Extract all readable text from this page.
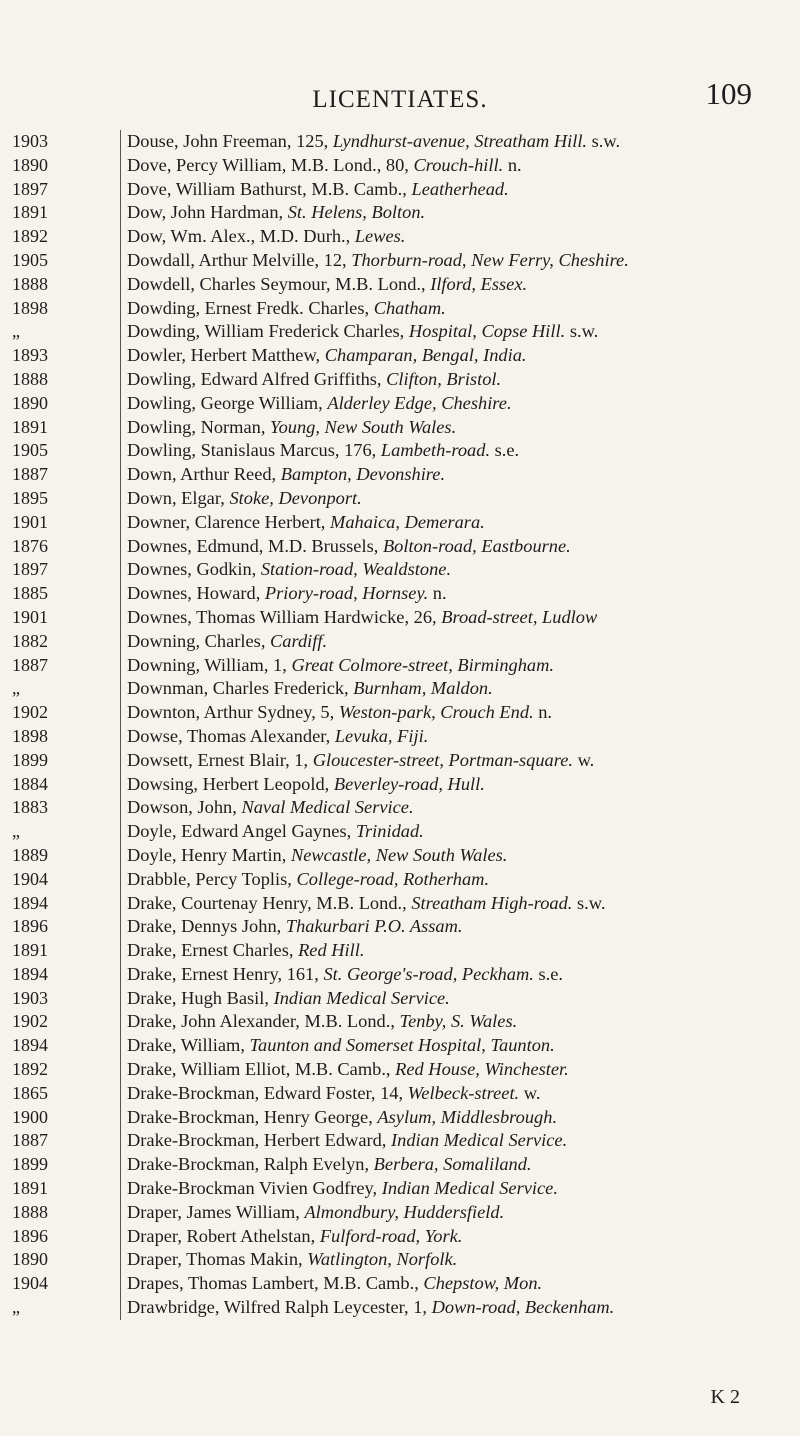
LICENTIATES.	109
1903	Douse, John Freeman, 125, Lyndhurst-avenue, Streatham Hill. s.w.
1890	Dove, Percy William, M.B. Lond., 80, Crouch-hill. n.
1897	Dove, William Bathurst, M.B. Camb., Leatherhead.
1891	Dow, John Hardman, St. Helens, Bolton.
1892	Dow, Wm. Alex., M.D. Durh., Lewes.
1905	Dowdall, Arthur Melville, 12, Thorburn-road, New Ferry, Cheshire.
1888	Dowdell, Charles Seymour, M.B. Lond., Ilford, Essex.
1898	Dowding, Ernest Fredk. Charles, Chatham.
„	Dowding, William Frederick Charles, Hospital, Copse Hill. s.w.
1893	Dowler, Herbert Matthew, Champaran, Bengal, India.
1888	Dowling, Edward Alfred Griffiths, Clifton, Bristol.
1890	Dowling, George William, Alderley Edge, Cheshire.
1891	Dowling, Norman, Young, New South Wales.
1905	Dowling, Stanislaus Marcus, 176, Lambeth-road. s.e.
1887	Down, Arthur Reed, Bampton, Devonshire.
1895	Down, Elgar, Stoke, Devonport.
1901	Downer, Clarence Herbert, Mahaica, Demerara.
1876	Downes, Edmund, M.D. Brussels, Bolton-road, Eastbourne.
1897	Downes, Godkin, Station-road, Wealdstone.
1885	Downes, Howard, Priory-road, Hornsey. n.
1901	Downes, Thomas William Hardwicke, 26, Broad-street, Ludlow
1882	Downing, Charles, Cardiff.
1887	Downing, William, 1, Great Colmore-street, Birmingham.
„	Downman, Charles Frederick, Burnham, Maldon.
1902	Downton, Arthur Sydney, 5, Weston-park, Crouch End. n.
1898	Dowse, Thomas Alexander, Levuka, Fiji.
1899	Dowsett, Ernest Blair, 1, Gloucester-street, Portman-square. w.
1884	Dowsing, Herbert Leopold, Beverley-road, Hull.
1883	Dowson, John, Naval Medical Service.
„	Doyle, Edward Angel Gaynes, Trinidad.
1889	Doyle, Henry Martin, Newcastle, New South Wales.
1904	Drabble, Percy Toplis, College-road, Rotherham.
1894	Drake, Courtenay Henry, M.B. Lond., Streatham High-road. s.w.
1896	Drake, Dennys John, Thakurbari P.O. Assam.
1891	Drake, Ernest Charles, Red Hill.
1894	Drake, Ernest Henry, 161, St. George's-road, Peckham. s.e.
1903	Drake, Hugh Basil, Indian Medical Service.
1902	Drake, John Alexander, M.B. Lond., Tenby, S. Wales.
1894	Drake, William, Taunton and Somerset Hospital, Taunton.
1892	Drake, William Elliot, M.B. Camb., Red House, Winchester.
1865	Drake-Brockman, Edward Foster, 14, Welbeck-street. w.
1900	Drake-Brockman, Henry George, Asylum, Middlesbrough.
1887	Drake-Brockman, Herbert Edward, Indian Medical Service.
1899	Drake-Brockman, Ralph Evelyn, Berbera, Somaliland.
1891	Drake-Brockman Vivien Godfrey, Indian Medical Service.
1888	Draper, James William, Almondbury, Huddersfield.
1896	Draper, Robert Athelstan, Fulford-road, York.
1890	Draper, Thomas Makin, Watlington, Norfolk.
1904	Drapes, Thomas Lambert, M.B. Camb., Chepstow, Mon.
„	Drawbridge, Wilfred Ralph Leycester, 1, Down-road, Beckenham.
K 2
